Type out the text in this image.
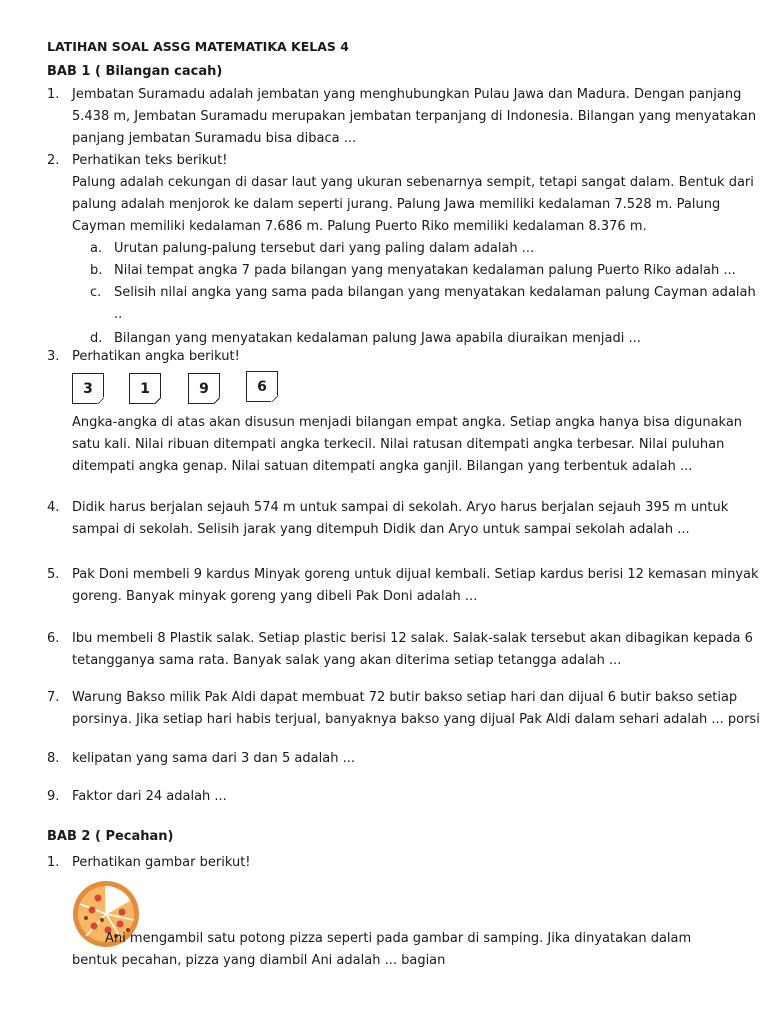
LATIHAN SOAL ASSG MATEMATIKA KELAS 4
BAB 1 ( Bilangan cacah)
1. Jembatan Suramadu adalah jembatan yang menghubungkan Pulau Jawa dan Madura. Dengan panjang
5.438 m, Jembatan Suramadu merupakan jembatan terpanjang di Indonesia. Bilangan yang menyatakan
panjang jembatan Suramadu bisa dibaca ...
2. Perhatikan teks berikut!
Palung adalah cekungan di dasar laut yang ukuran sebenarnya sempit, tetapi sangat dalam. Bentuk dari
palung adalah menjorok ke dalam seperti jurang. Palung Jawa memiliki kedalaman 7.528 m. Palung
Cayman memiliki kedalaman 7.686 m. Palung Puerto Riko memiliki kedalaman 8.376 m.
a. Urutan palung-palung tersebut dari yang paling dalam adalah ...
b. Nilai tempat angka 7 pada bilangan yang menyatakan kedalaman palung Puerto Riko adalah ...
c. Selisih nilai angka yang sama pada bilangan yang menyatakan kedalaman palung Cayman adalah
..
d. Bilangan yang menyatakan kedalaman palung Jawa apabila diuraikan menjadi ...
3. Perhatikan angka berikut!
3	1	9	6
Angka-angka di atas akan disusun menjadi bilangan empat angka. Setiap angka hanya bisa digunakan
satu kali. Nilai ribuan ditempati angka terkecil. Nilai ratusan ditempati angka terbesar. Nilai puluhan
ditempati angka genap. Nilai satuan ditempati angka ganjil. Bilangan yang terbentuk adalah ...
4. Didik harus berjalan sejauh 574 m untuk sampai di sekolah. Aryo harus berjalan sejauh 395 m untuk
sampai di sekolah. Selisih jarak yang ditempuh Didik dan Aryo untuk sampai sekolah adalah ...
5. Pak Doni membeli 9 kardus Minyak goreng untuk dijual kembali. Setiap kardus berisi 12 kemasan minyak
goreng. Banyak minyak goreng yang dibeli Pak Doni adalah ...
6. Ibu membeli 8 Plastik salak. Setiap plastic berisi 12 salak. Salak-salak tersebut akan dibagikan kepada 6
tetangganya sama rata. Banyak salak yang akan diterima setiap tetangga adalah ...
7. Warung Bakso milik Pak Aldi dapat membuat 72 butir bakso setiap hari dan dijual 6 butir bakso setiap
porsinya. Jika setiap hari habis terjual, banyaknya bakso yang dijual Pak Aldi dalam sehari adalah ... porsi
8. kelipatan yang sama dari 3 dan 5 adalah ...
9. Faktor dari 24 adalah ...
BAB 2 ( Pecahan)
1. Perhatikan gambar berikut!
Ani mengambil satu potong pizza seperti pada gambar di samping. Jika dinyatakan dalam
bentuk pecahan, pizza yang diambil Ani adalah ... bagian
